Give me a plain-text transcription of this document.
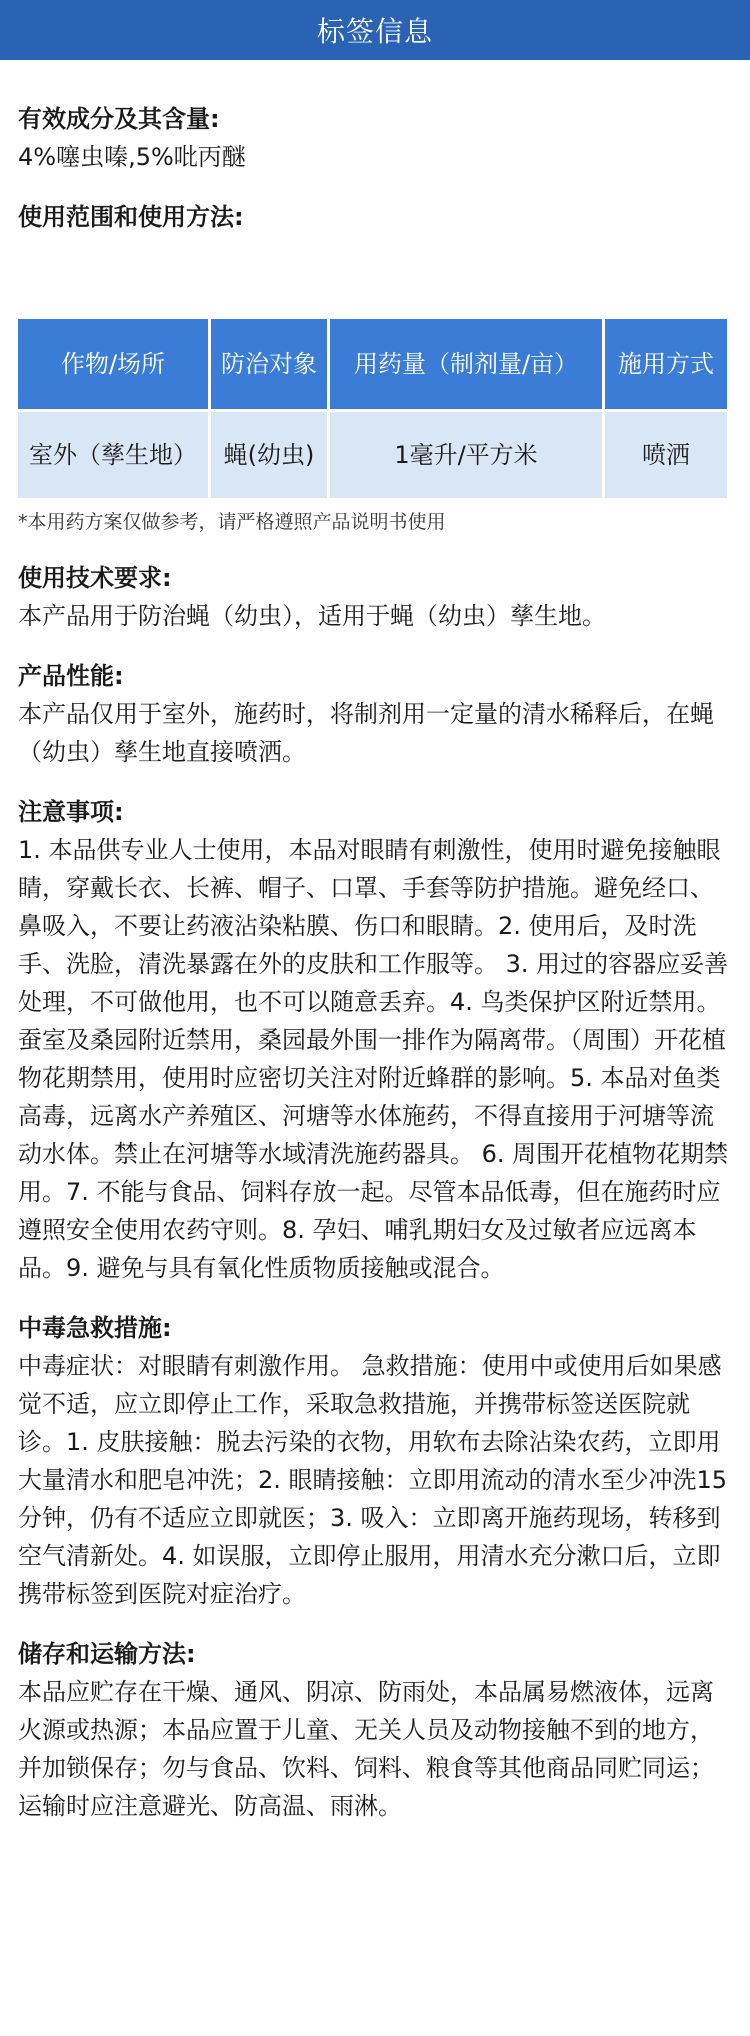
标签信息
有效成分及其含量:
4%噻虫嗪,5%吡丙醚
使用范围和使用方法:
作物/场所	防治对象	用药量（制剂量/亩）	施用方式
室外（孳生地）	蝇(幼虫)	1毫升/平方米	喷洒
*本用药方案仅做参考，请严格遵照产品说明书使用
使用技术要求:
本产品用于防治蝇（幼虫），适用于蝇（幼虫）孳生地。
产品性能:
本产品仅用于室外，施药时，将制剂用一定量的清水稀释后，在蝇（幼虫）孳生地直接喷洒。
注意事项:
1. 本品供专业人士使用，本品对眼睛有刺激性，使用时避免接触眼睛，穿戴长衣、长裤、帽子、口罩、手套等防护措施。避免经口、鼻吸入，不要让药液沾染粘膜、伤口和眼睛。2. 使用后，及时洗手、洗脸，清洗暴露在外的皮肤和工作服等。 3. 用过的容器应妥善处理，不可做他用，也不可以随意丢弃。4. 鸟类保护区附近禁用。蚕室及桑园附近禁用，桑园最外围一排作为隔离带。（周围）开花植物花期禁用，使用时应密切关注对附近蜂群的影响。5. 本品对鱼类高毒，远离水产养殖区、河塘等水体施药，不得直接用于河塘等流动水体。禁止在河塘等水域清洗施药器具。 6. 周围开花植物花期禁用。7. 不能与食品、饲料存放一起。尽管本品低毒，但在施药时应遵照安全使用农药守则。8. 孕妇、哺乳期妇女及过敏者应远离本品。9. 避免与具有氧化性质物质接触或混合。
中毒急救措施:
中毒症状：对眼睛有刺激作用。 急救措施：使用中或使用后如果感觉不适，应立即停止工作，采取急救措施，并携带标签送医院就诊。1. 皮肤接触：脱去污染的衣物，用软布去除沾染农药，立即用大量清水和肥皂冲洗；2. 眼睛接触：立即用流动的清水至少冲洗15分钟，仍有不适应立即就医；3. 吸入：立即离开施药现场，转移到空气清新处。4. 如误服，立即停止服用，用清水充分漱口后，立即携带标签到医院对症治疗。
储存和运输方法:
本品应贮存在干燥、通风、阴凉、防雨处，本品属易燃液体，远离火源或热源；本品应置于儿童、无关人员及动物接触不到的地方，并加锁保存；勿与食品、饮料、饲料、粮食等其他商品同贮同运；运输时应注意避光、防高温、雨淋。
